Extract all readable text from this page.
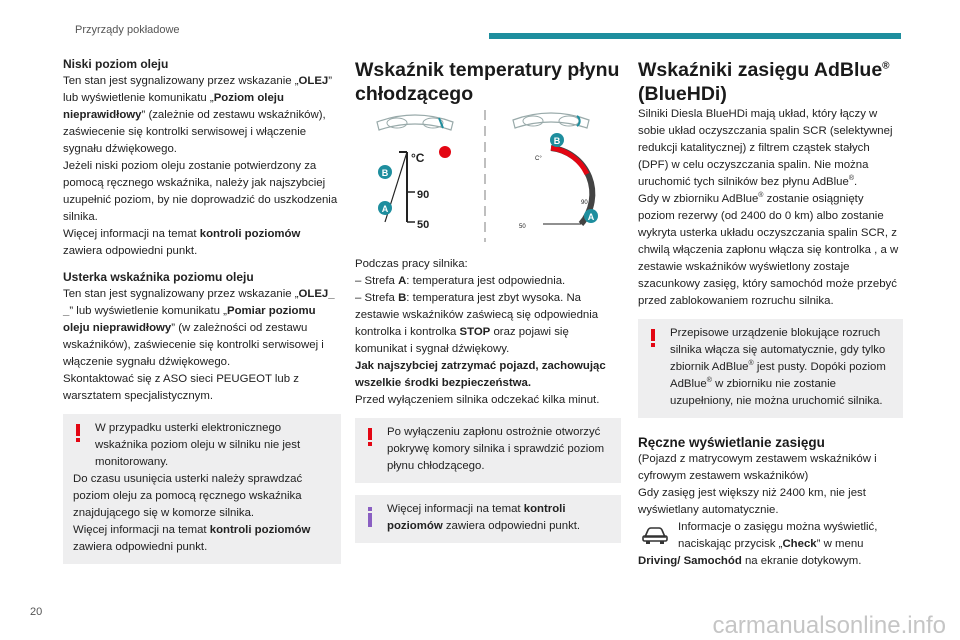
Przyrządy pokładowe

Niski poziom oleju

Ten stan jest sygnalizowany przez wskazanie „OLEJ” lub wyświetlenie komunikatu „Poziom oleju nieprawidłowy” (zależnie od zestawu wskaźników), zaświecenie się kontrolki serwisowej i włączenie sygnału dźwiękowego.

Jeżeli niski poziom oleju zostanie potwierdzony za pomocą ręcznego wskaźnika, należy jak najszybciej uzupełnić poziom, by nie doprowadzić do uszkodzenia silnika.

Więcej informacji na temat kontroli poziomów zawiera odpowiedni punkt.

Usterka wskaźnika poziomu oleju

Ten stan jest sygnalizowany przez wskazanie „OLEJ_ _” lub wyświetlenie komunikatu „Pomiar poziomu oleju nieprawidłowy” (w zależności od zestawu wskaźników), zaświecenie się kontrolki serwisowej i włączenie sygnału dźwiękowego.

Skontaktować się z ASO sieci PEUGEOT lub z warsztatem specjalistycznym.

W przypadku usterki elektronicznego wskaźnika poziom oleju w silniku nie jest monitorowany.

Do czasu usunięcia usterki należy sprawdzać poziom oleju za pomocą ręcznego wskaźnika znajdującego się w komorze silnika.

Więcej informacji na temat kontroli poziomów zawiera odpowiedni punkt.

Wskaźnik temperatury płynu chłodzącego

°C
90
50
B
A
C°
90
50
B
A

Podczas pracy silnika:

– Strefa A: temperatura jest odpowiednia.

– Strefa B: temperatura jest zbyt wysoka. Na zestawie wskaźników zaświecą się odpowiednia kontrolka i kontrolka STOP oraz pojawi się komunikat i sygnał dźwiękowy.

Jak najszybciej zatrzymać pojazd, zachowując wszelkie środki bezpieczeństwa.

Przed wyłączeniem silnika odczekać kilka minut.

Po wyłączeniu zapłonu ostrożnie otworzyć pokrywę komory silnika i sprawdzić poziom płynu chłodzącego.

Więcej informacji na temat kontroli poziomów zawiera odpowiedni punkt.

Wskaźniki zasięgu AdBlue®
(BlueHDi)

Silniki Diesla BlueHDi mają układ, który łączy w sobie układ oczyszczania spalin SCR (selektywnej redukcji katalitycznej) z filtrem cząstek stałych (DPF) w celu oczyszczania spalin. Nie można uruchomić tych silników bez płynu AdBlue®.

Gdy w zbiorniku AdBlue® zostanie osiągnięty poziom rezerwy (od 2400 do 0 km) albo zostanie wykryta usterka układu oczyszczania spalin SCR, z chwilą włączenia zapłonu włącza się kontrolka , a w zestawie wskaźników wyświetlony zostaje szacunkowy zasięg, który samochód może przebyć przed zablokowaniem rozruchu silnika.

Przepisowe urządzenie blokujące rozruch silnika włącza się automatycznie, gdy tylko zbiornik AdBlue® jest pusty. Dopóki poziom AdBlue® w zbiorniku nie zostanie uzupełniony, nie można uruchomić silnika.

Ręczne wyświetlanie zasięgu

(Pojazd z matrycowym zestawem wskaźników i cyfrowym zestawem wskaźników)

Gdy zasięg jest większy niż 2400 km, nie jest wyświetlany automatycznie.

Informacje o zasięgu można wyświetlić, naciskając przycisk „Check” w menu Driving/ Samochód na ekranie dotykowym.

20	carmanualsonline.info
